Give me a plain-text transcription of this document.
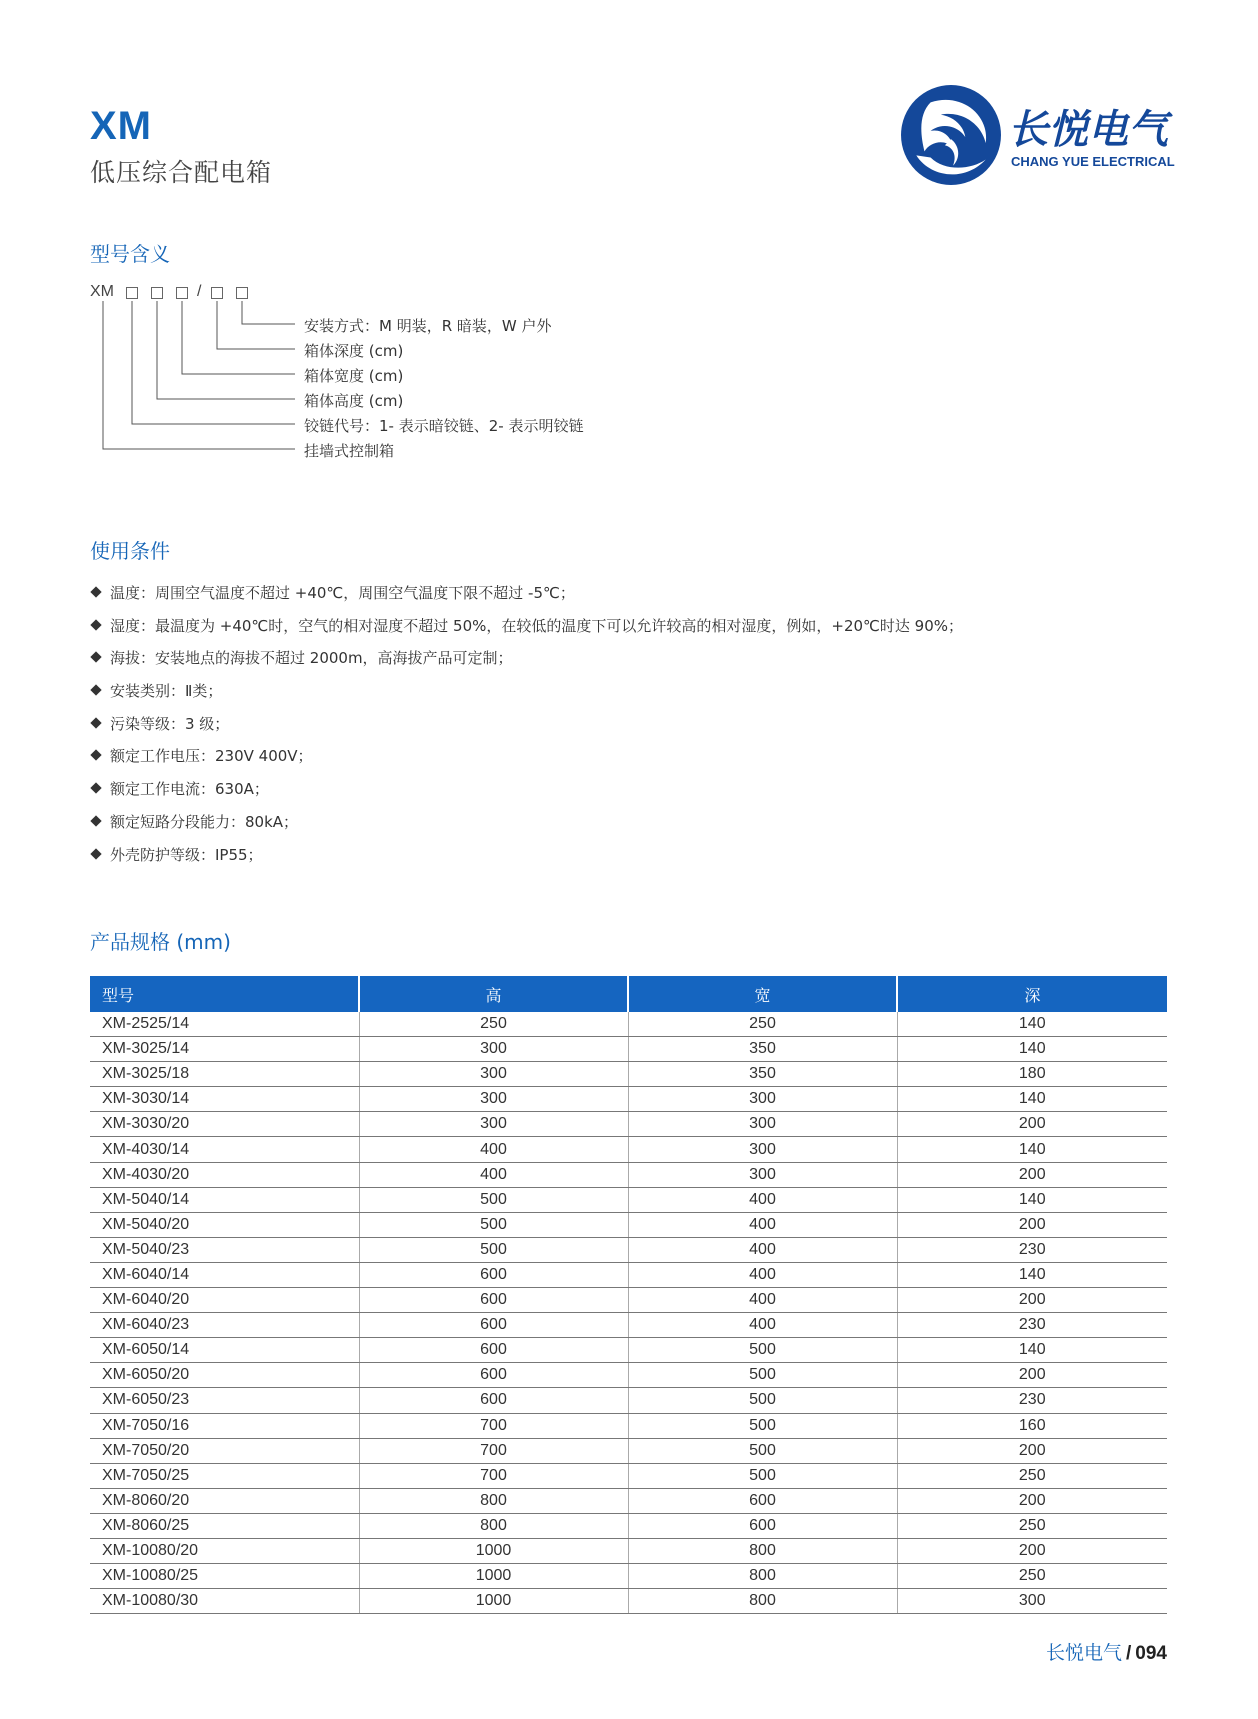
XM
低压综合配电箱
长悦电气
CHANG YUE ELECTRICAL
型号含义
XM	/
安装方式：M 明装，R 暗装，W 户外
箱体深度 (cm)
箱体宽度 (cm)
箱体高度 (cm)
铰链代号：1- 表示暗铰链、2- 表示明铰链
挂墙式控制箱
使用条件
温度：周围空气温度不超过 +40℃，周围空气温度下限不超过 -5℃；
湿度：最温度为 +40℃时，空气的相对湿度不超过 50%，在较低的温度下可以允许较高的相对湿度，例如，+20℃时达 90%；
海拔：安装地点的海拔不超过 2000m，高海拔产品可定制；
安装类别：Ⅱ类；
污染等级：3 级；
额定工作电压：230V 400V；
额定工作电流：630A；
额定短路分段能力：80kA；
外壳防护等级：IP55；
产品规格 (mm)
型号	高	宽	深
XM-2525/14	250	250	140
XM-3025/14	300	350	140
XM-3025/18	300	350	180
XM-3030/14	300	300	140
XM-3030/20	300	300	200
XM-4030/14	400	300	140
XM-4030/20	400	300	200
XM-5040/14	500	400	140
XM-5040/20	500	400	200
XM-5040/23	500	400	230
XM-6040/14	600	400	140
XM-6040/20	600	400	200
XM-6040/23	600	400	230
XM-6050/14	600	500	140
XM-6050/20	600	500	200
XM-6050/23	600	500	230
XM-7050/16	700	500	160
XM-7050/20	700	500	200
XM-7050/25	700	500	250
XM-8060/20	800	600	200
XM-8060/25	800	600	250
XM-10080/20	1000	800	200
XM-10080/25	1000	800	250
XM-10080/30	1000	800	300
长悦电气 / 094
